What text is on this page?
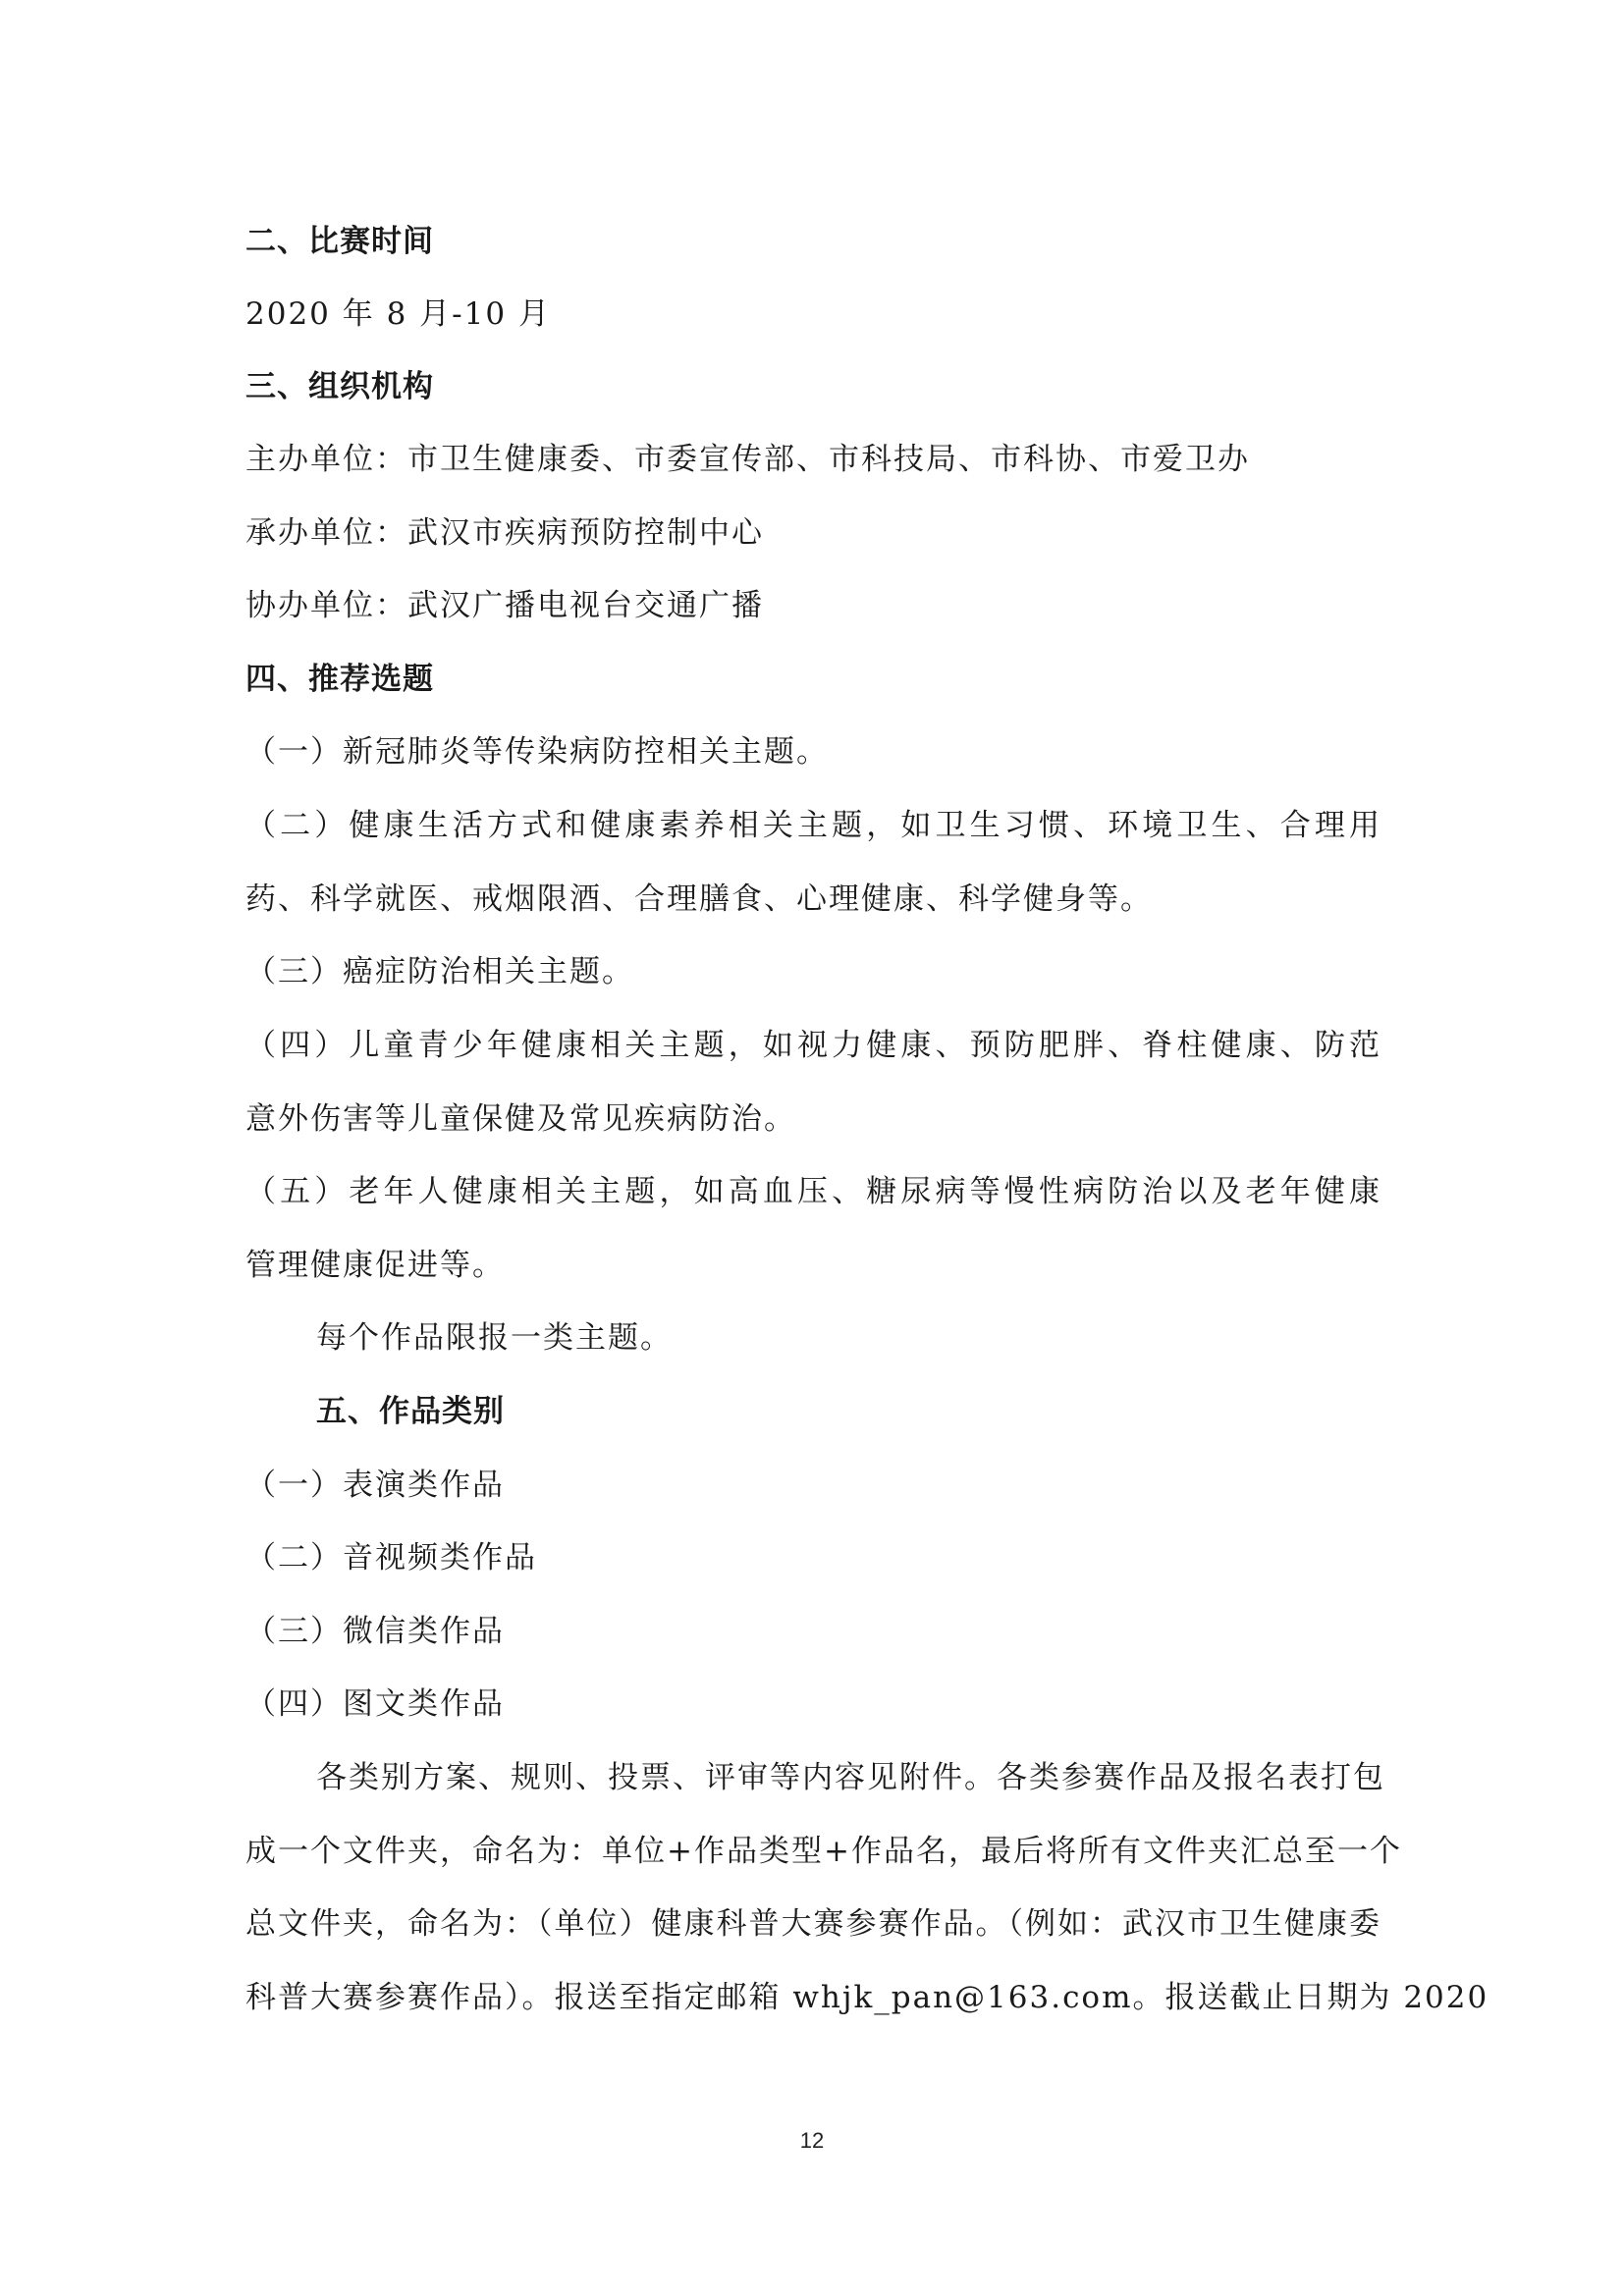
二、比赛时间
2020 年 8 月-10 月
三、组织机构
主办单位：市卫生健康委、市委宣传部、市科技局、市科协、市爱卫办
承办单位：武汉市疾病预防控制中心
协办单位：武汉广播电视台交通广播
四、推荐选题
（一）新冠肺炎等传染病防控相关主题。
（二）健康生活方式和健康素养相关主题，如卫生习惯、环境卫生、合理用
药、科学就医、戒烟限酒、合理膳食、心理健康、科学健身等。
（三）癌症防治相关主题。
（四）儿童青少年健康相关主题，如视力健康、预防肥胖、脊柱健康、防范
意外伤害等儿童保健及常见疾病防治。
（五）老年人健康相关主题，如高血压、糖尿病等慢性病防治以及老年健康
管理健康促进等。
每个作品限报一类主题。
五、作品类别
（一）表演类作品
（二）音视频类作品
（三）微信类作品
（四）图文类作品
各类别方案、规则、投票、评审等内容见附件。各类参赛作品及报名表打包
成一个文件夹，命名为：单位+作品类型+作品名，最后将所有文件夹汇总至一个
总文件夹，命名为：（单位）健康科普大赛参赛作品。（例如：武汉市卫生健康委
科普大赛参赛作品）。报送至指定邮箱 whjk_pan@163.com。报送截止日期为 2020
12
